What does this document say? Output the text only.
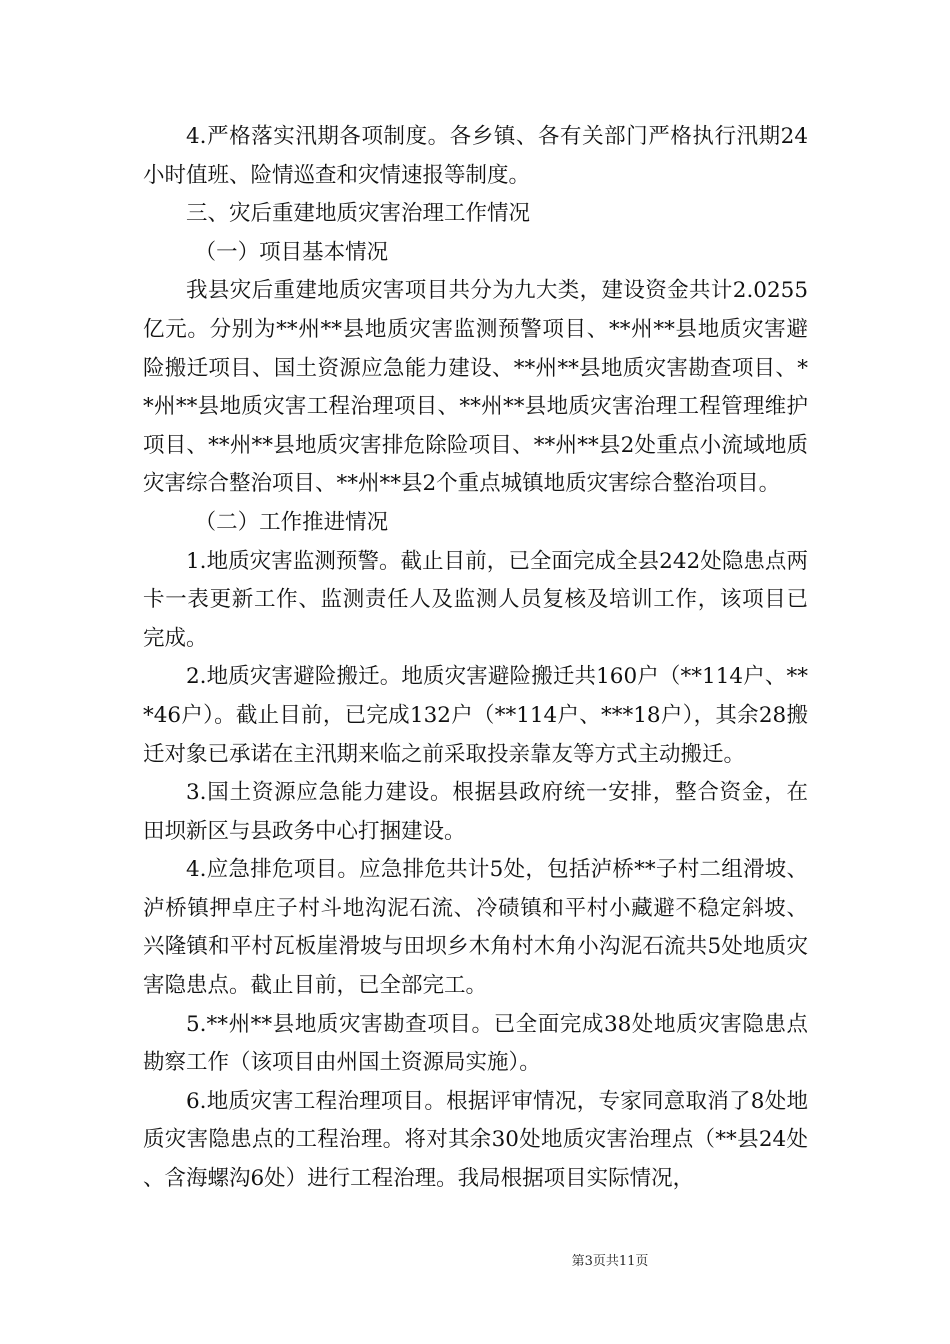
4.严格落实汛期各项制度。各乡镇、各有关部门严格执行汛期24小时值班、险情巡查和灾情速报等制度。

三、灾后重建地质灾害治理工作情况

（一）项目基本情况

我县灾后重建地质灾害项目共分为九大类，建设资金共计2.0255亿元。分别为**州**县地质灾害监测预警项目、**州**县地质灾害避险搬迁项目、国土资源应急能力建设、**州**县地质灾害勘查项目、**州**县地质灾害工程治理项目、**州**县地质灾害治理工程管理维护项目、**州**县地质灾害排危除险项目、**州**县2处重点小流域地质灾害综合整治项目、**州**县2个重点城镇地质灾害综合整治项目。

（二）工作推进情况

1.地质灾害监测预警。截止目前，已全面完成全县242处隐患点两卡一表更新工作、监测责任人及监测人员复核及培训工作，该项目已完成。

2.地质灾害避险搬迁。地质灾害避险搬迁共160户（**114户、***46户）。截止目前，已完成132户（**114户、***18户），其余28搬迁对象已承诺在主汛期来临之前采取投亲靠友等方式主动搬迁。

3.国土资源应急能力建设。根据县政府统一安排，整合资金，在田坝新区与县政务中心打捆建设。

4.应急排危项目。应急排危共计5处，包括泸桥**子村二组滑坡、泸桥镇押卓庄子村斗地沟泥石流、冷碛镇和平村小藏避不稳定斜坡、兴隆镇和平村瓦板崖滑坡与田坝乡木角村木角小沟泥石流共5处地质灾害隐患点。截止目前，已全部完工。

5.**州**县地质灾害勘查项目。已全面完成38处地质灾害隐患点勘察工作（该项目由州国土资源局实施）。

6.地质灾害工程治理项目。根据评审情况，专家同意取消了8处地质灾害隐患点的工程治理。将对其余30处地质灾害治理点（**县24处、含海螺沟6处）进行工程治理。我局根据项目实际情况，

第3页共11页
